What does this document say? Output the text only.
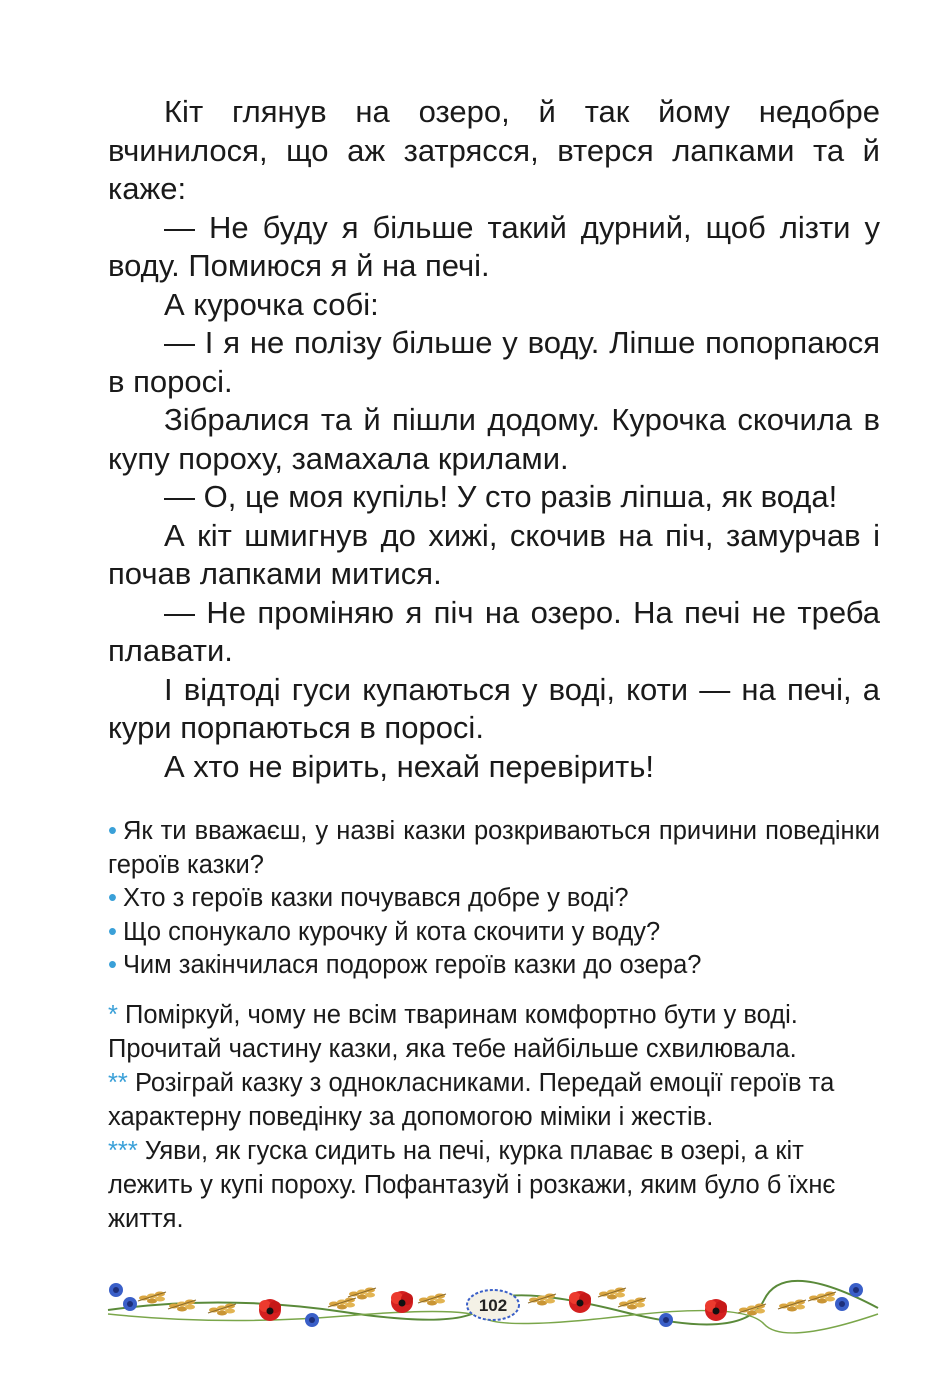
Кіт глянув на озеро, й так йому недобре вчинилося, що аж затрясся, втерся лапками та й каже:

— Не буду я більше такий дурний, щоб лізти у воду. Помиюся я й на печі.

А курочка собі:

— І я не полізу більше у воду. Ліпше попорпаюся в поросі.

Зібралися та й пішли додому. Курочка скочила в купу пороху, замахала крилами.

— О, це моя купіль! У сто разів ліпша, як вода!

А кіт шмигнув до хижі, скочив на піч, замурчав і почав лапками митися.

— Не проміняю я піч на озеро. На печі не треба плавати.

І відтоді гуси купаються у воді, коти — на печі, а кури порпаються в поросі.

А хто не вірить, нехай перевірить!

• Як ти вважаєш, у назві казки розкриваються причини поведінки героїв казки?

• Хто з героїв казки почувався добре у воді?

• Що спонукало курочку й кота скочити у воду?

• Чим закінчилася подорож героїв казки до озера?

* Поміркуй, чому не всім тваринам комфортно бути у воді. Прочитай частину казки, яка тебе найбільше схвилювала.

** Розіграй казку з однокласниками. Передай емоції героїв та характерну поведінку за допомогою міміки і жестів.

*** Уяви, як гуска сидить на печі, курка плаває в озері, а кіт лежить у купі пороху. Пофантазуй і розкажи, яким було б їхнє життя.

102
